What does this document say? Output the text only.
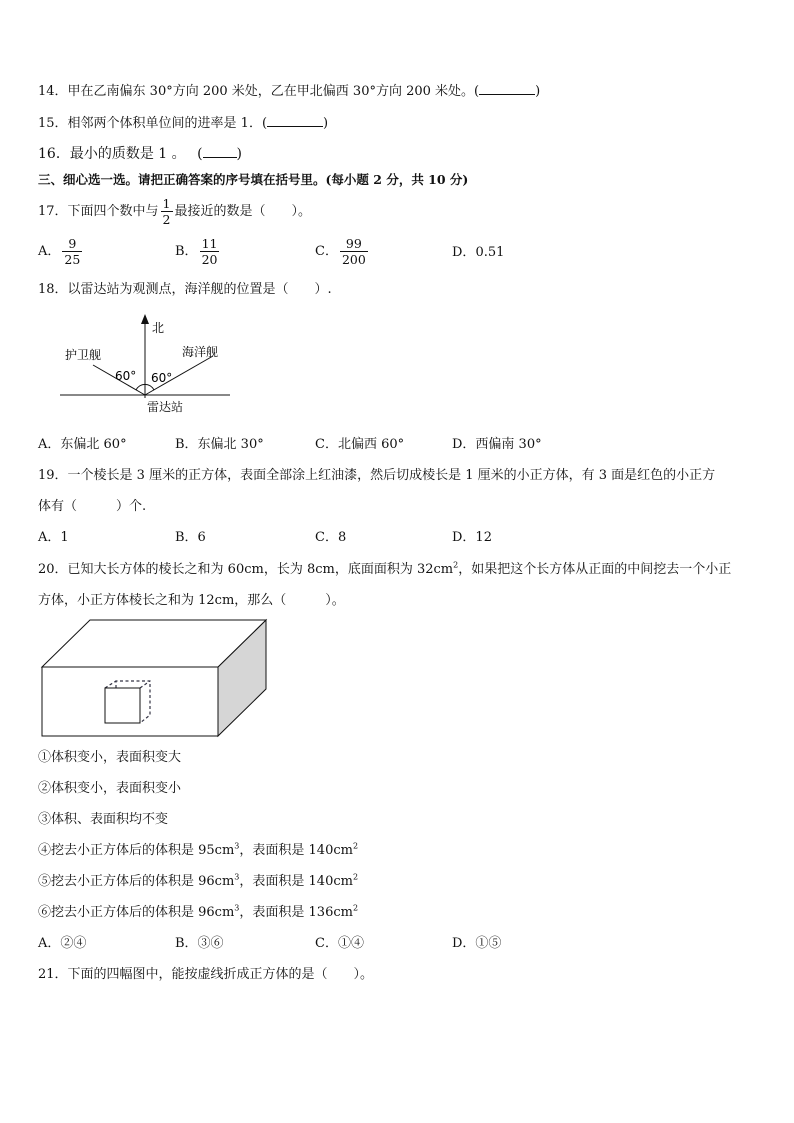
14．甲在乙南偏东 30°方向 200 米处，乙在甲北偏西 30°方向 200 米处。(	)
15．相邻两个体积单位间的进率是 1．(	)
16．最小的质数是 1 。　 ( )
三、细心选一选。请把正确答案的序号填在括号里。(每小题 2 分，共 10 分)
17．下面四个数中与 $\frac{1}{2}$ 最接近的数是（　　）。
A． $\frac{9}{25}$	B． $\frac{11}{20}$	C． $\frac{99}{200}$	D．0.51
18．以雷达站为观测点，海洋舰的位置是（　　）.
北
护卫舰	海洋舰
60° 60°
雷达站
A．东偏北 60°	B．东偏北 30°	C．北偏西 60°	D．西偏南 30°
19．一个棱长是 3 厘米的正方体，表面全部涂上红油漆，然后切成棱长是 1 厘米的小正方体，有 3 面是红色的小正方
体有（　　　）个.
A．1	B．6	C．8	D．12
20．已知大长方体的棱长之和为 60cm，长为 8cm，底面面积为 $32cm^2$，如果把这个长方体从正面的中间挖去一个小正
方体，小正方体棱长之和为 12cm，那么（　　　）。
①体积变小，表面积变大
②体积变小，表面积变小
③体积、表面积均不变
④挖去小正方体后的体积是 $95cm^3$，表面积是 $140cm^2$
⑤挖去小正方体后的体积是 $96cm^3$，表面积是 $140cm^2$
⑥挖去小正方体后的体积是 $96cm^3$，表面积是 $136cm^2$
A．②④	B．③⑥	C．①④	D．①⑤
21．下面的四幅图中，能按虚线折成正方体的是（　　）。
